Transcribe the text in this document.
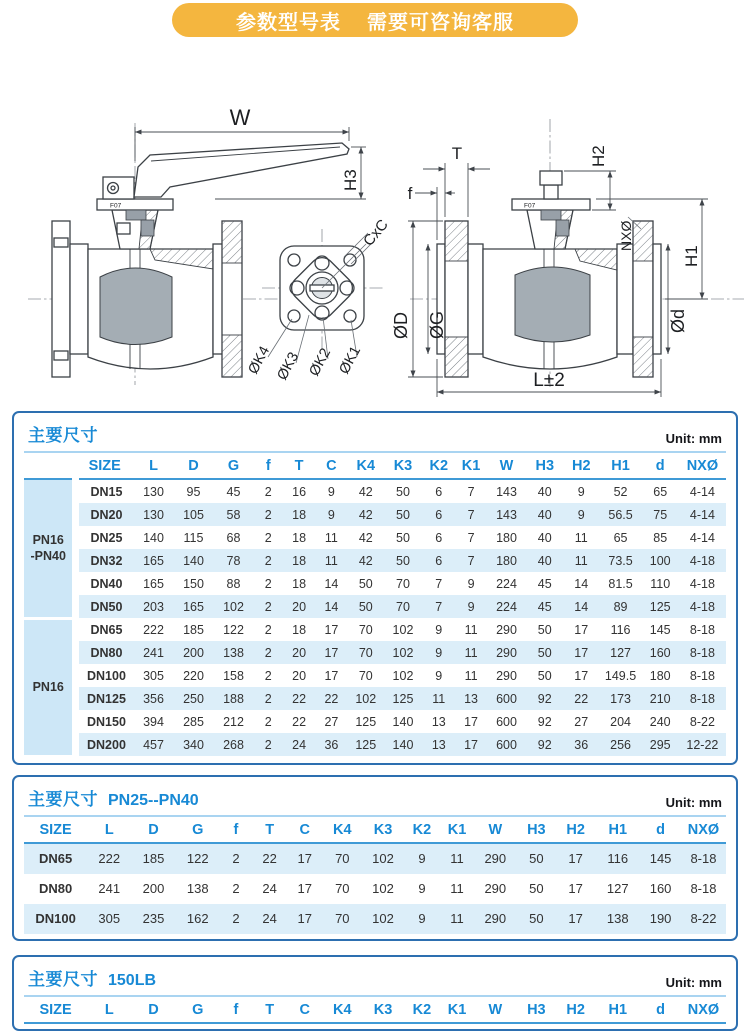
参数型号表 需要可咨询客服
F07
W
H3
CxC
ØK4 ØK3 ØK2 ØK1
F07
T
f
H2
NXØ
H1
ØD ØG	Ød
L±2
主要尺寸	Unit: mm
	SIZE	L	D	G	f	T	C	K4	K3	K2	K1	W	H3	H2	H1	d	NXØ

PN16
-PN40	DN15	130	95	45	2	16	9	42	50	6	7	143	40	9	52	65	4-14
	DN20	130	105	58	2	18	9	42	50	6	7	143	40	9	56.5	75	4-14
	DN25	140	115	68	2	18	11	42	50	6	7	180	40	11	65	85	4-14
	DN32	165	140	78	2	18	11	42	50	6	7	180	40	11	73.5	100	4-18
	DN40	165	150	88	2	18	14	50	70	7	9	224	45	14	81.5	110	4-18
	DN50	203	165	102	2	20	14	50	70	7	9	224	45	14	89	125	4-18

PN16	DN65	222	185	122	2	18	17	70	102	9	11	290	50	17	116	145	8-18
	DN80	241	200	138	2	20	17	70	102	9	11	290	50	17	127	160	8-18
	DN100	305	220	158	2	20	17	70	102	9	11	290	50	17	149.5	180	8-18
	DN125	356	250	188	2	22	22	102	125	11	13	600	92	22	173	210	8-18
	DN150	394	285	212	2	22	27	125	140	13	17	600	92	27	204	240	8-22
	DN200	457	340	268	2	24	36	125	140	13	17	600	92	36	256	295	12-22
主要尺寸 PN25--PN40	Unit: mm
SIZE	L	D	G	f	T	C	K4	K3	K2	K1	W	H3	H2	H1	d	NXØ
DN65	222	185	122	2	22	17	70	102	9	11	290	50	17	116	145	8-18
DN80	241	200	138	2	24	17	70	102	9	11	290	50	17	127	160	8-18
DN100	305	235	162	2	24	17	70	102	9	11	290	50	17	138	190	8-22
主要尺寸 150LB	Unit: mm
SIZE	L	D	G	f	T	C	K4	K3	K2	K1	W	H3	H2	H1	d	NXØ
